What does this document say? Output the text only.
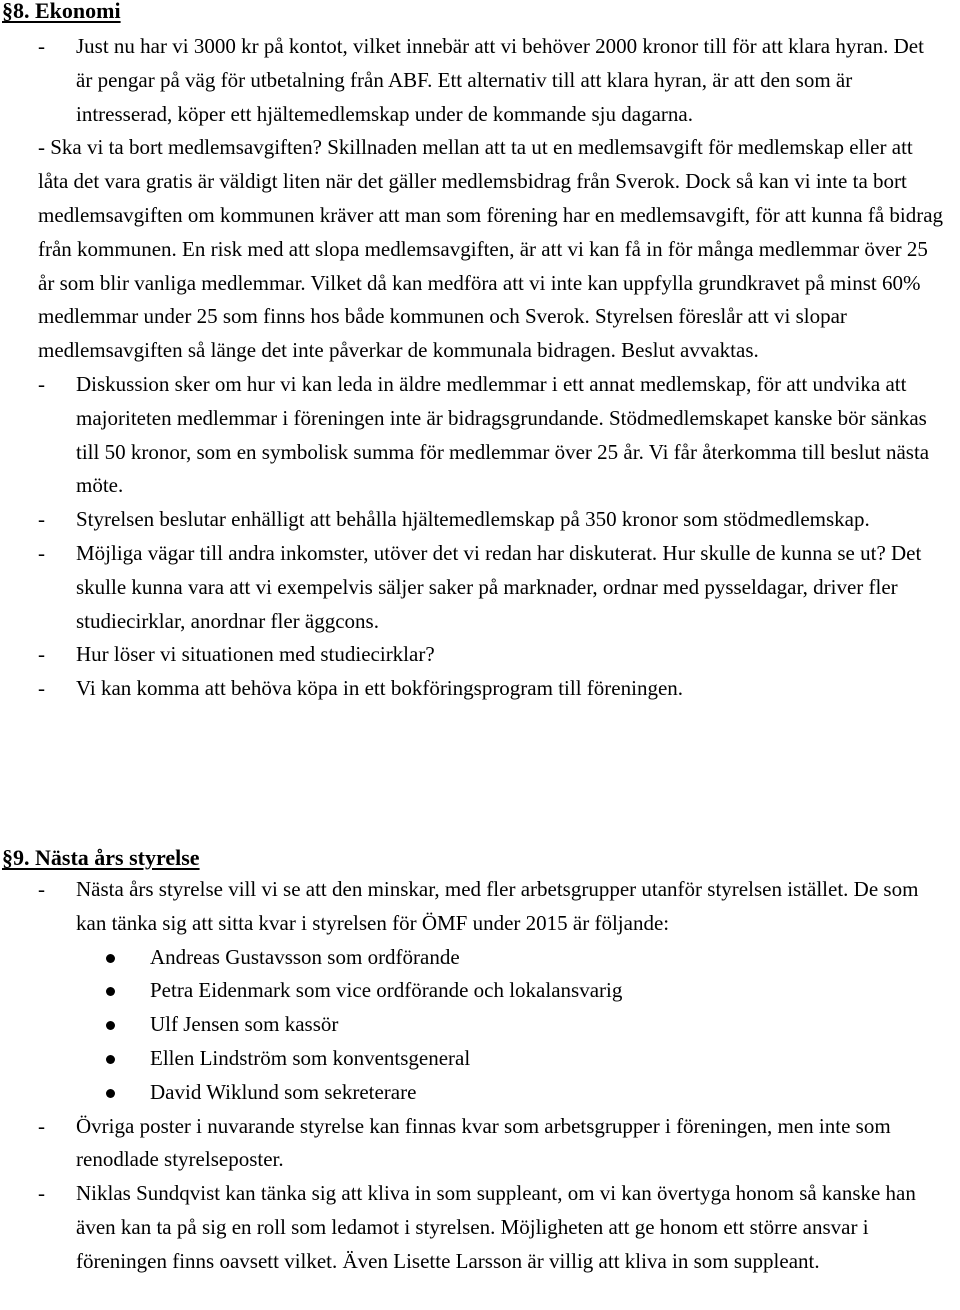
§8. Ekonomi
- Just nu har vi 3000 kr på kontot, vilket innebär att vi behöver 2000 kronor till för att klara hyran. Det är pengar på väg för utbetalning från ABF. Ett alternativ till att klara hyran, är att den som är intresserad, köper ett hjältemedlemskap under de kommande sju dagarna.
- Ska vi ta bort medlemsavgiften? Skillnaden mellan att ta ut en medlemsavgift för medlemskap eller att låta det vara gratis är väldigt liten när det gäller medlemsbidrag från Sverok. Dock så kan vi inte ta bort medlemsavgiften om kommunen kräver att man som förening har en medlemsavgift, för att kunna få bidrag från kommunen. En risk med att slopa medlemsavgiften, är att vi kan få in för många medlemmar över 25 år som blir vanliga medlemmar. Vilket då kan medföra att vi inte kan uppfylla grundkravet på minst 60% medlemmar under 25 som finns hos både kommunen och Sverok. Styrelsen föreslår att vi slopar medlemsavgiften så länge det inte påverkar de kommunala bidragen. Beslut avvaktas.
- Diskussion sker om hur vi kan leda in äldre medlemmar i ett annat medlemskap, för att undvika att majoriteten medlemmar i föreningen inte är bidragsgrundande. Stödmedlemskapet kanske bör sänkas till 50 kronor, som en symbolisk summa för medlemmar över 25 år. Vi får återkomma till beslut nästa möte.
- Styrelsen beslutar enhälligt att behålla hjältemedlemskap på 350 kronor som stödmedlemskap.
- Möjliga vägar till andra inkomster, utöver det vi redan har diskuterat. Hur skulle de kunna se ut? Det skulle kunna vara att vi exempelvis säljer saker på marknader, ordnar med pysseldagar, driver fler studiecirklar, anordnar fler äggcons.
- Hur löser vi situationen med studiecirklar?
- Vi kan komma att behöva köpa in ett bokföringsprogram till föreningen.
§9. Nästa års styrelse
- Nästa års styrelse vill vi se att den minskar, med fler arbetsgrupper utanför styrelsen istället. De som kan tänka sig att sitta kvar i styrelsen för ÖMF under 2015 är följande:
Andreas Gustavsson som ordförande
Petra Eidenmark som vice ordförande och lokalansvarig
Ulf Jensen som kassör
Ellen Lindström som konventsgeneral
David Wiklund som sekreterare
- Övriga poster i nuvarande styrelse kan finnas kvar som arbetsgrupper i föreningen, men inte som renodlade styrelseposter.
- Niklas Sundqvist kan tänka sig att kliva in som suppleant, om vi kan övertyga honom så kanske han även kan ta på sig en roll som ledamot i styrelsen. Möjligheten att ge honom ett större ansvar i föreningen finns oavsett vilket. Även Lisette Larsson är villig att kliva in som suppleant.
